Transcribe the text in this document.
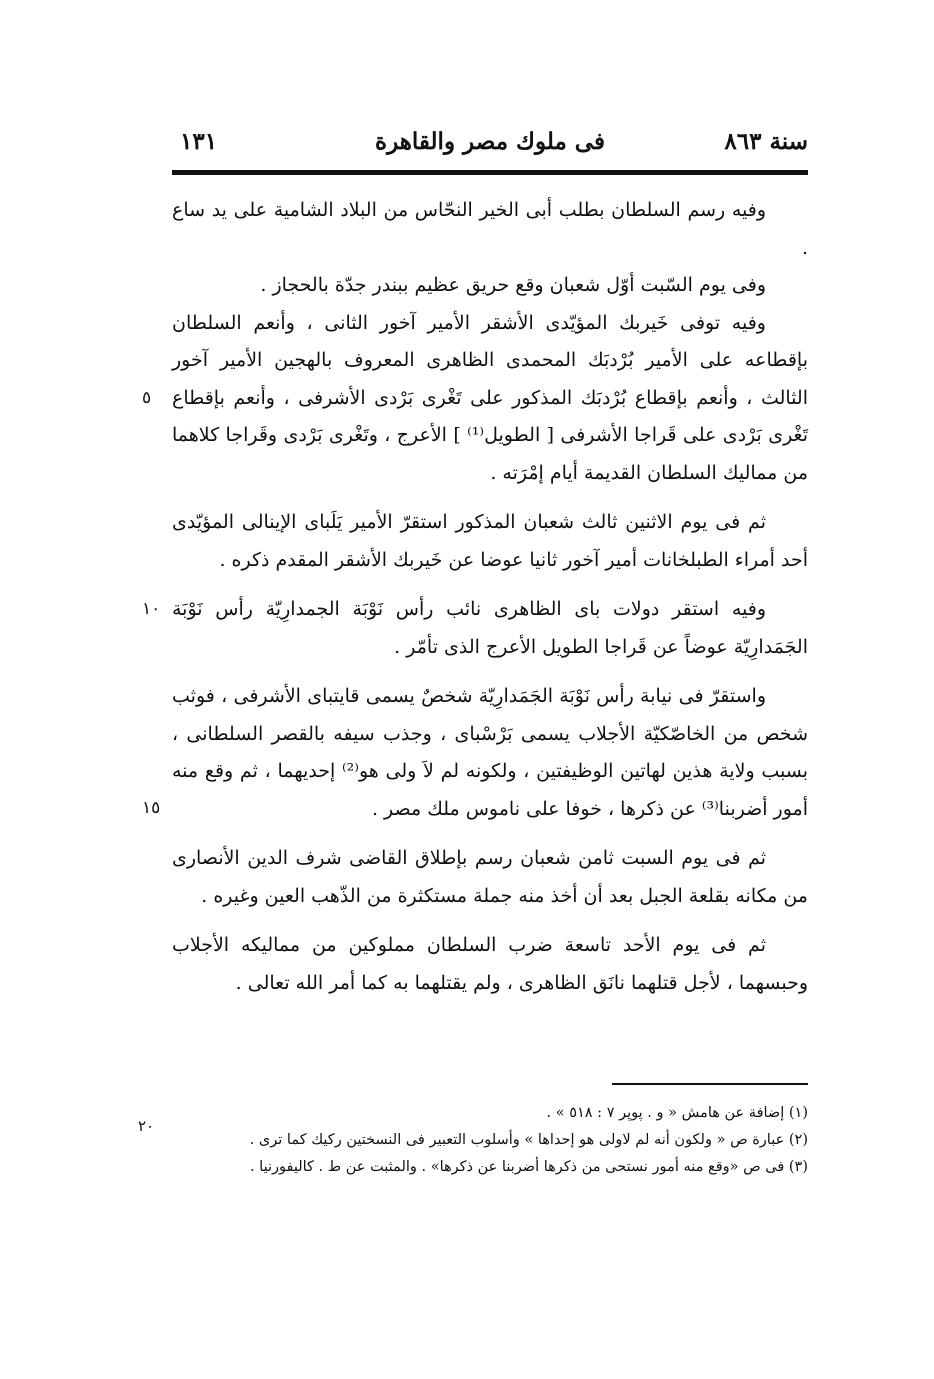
سنة ٨٦٣
فى ملوك مصر والقاهرة
١٣١

وفيه رسم السلطان بطلب أبى الخير النحّاس من البلاد الشامية على يد ساع .

وفى يوم السّبت أوّل شعبان وقع حريق عظيم ببندر جدّة بالحجاز .

٥
وفيه توفى خَيربك المؤيّدى الأشقر الأمير آخور الثانى ، وأنعم السلطان بإقطاعه على الأمير بُرْدبَك المحمدى الظاهرى المعروف بالهجين الأمير آخور الثالث ، وأنعم بإقطاع بُرْدبَك المذكور على تَغْرى بَرْدى الأشرفى ، وأنعم بإقطاع تَغْرى بَرْدى على قَراجا الأشرفى [ الطويل⁽¹⁾ ] الأعرج ، وتَغْرى بَرْدى وقَراجا كلاهما من مماليك السلطان القديمة أيام إمْرَته .

ثم فى يوم الاثنين ثالث شعبان المذكور استقرّ الأمير يَلَباى الإينالى المؤيّدى أحد أمراء الطبلخانات أمير آخور ثانيا عوضا عن خَيربك الأشقر المقدم ذكره .

١٠ وفيه استقر دولات باى الظاهرى نائب رأس نَوْبَة الجمدارِيّة رأس نَوْبَة الجَمَدارِيّة عوضاً عن قَراجا الطويل الأعرج الذى تأمّر .

١٥
واستقرّ فى نيابة رأس نَوْبَة الجَمَدارِيّة شخصٌ يسمى قايتباى الأشرفى ، فوثب شخص من الخاصّكيّة الأجلاب يسمى بَرْسْباى ، وجذب سيفه بالقصر السلطانى ، بسبب ولاية هذين لهاتين الوظيفتين ، ولكونه لم لاَ ولى هو⁽²⁾ إحديهما ، ثم وقع منه أمور أضربنا⁽³⁾ عن ذكرها ، خوفا على ناموس ملك مصر .

ثم فى يوم السبت ثامن شعبان رسم بإطلاق القاضى شرف الدين الأنصارى من مكانه بقلعة الجبل بعد أن أخذ منه جملة مستكثرة من الذّهب العين وغيره .

ثم فى يوم الأحد تاسعة ضرب السلطان مملوكين من مماليكه الأجلاب وحبسهما ، لأجل قتلهما نانَق الظاهرى ، ولم يقتلهما به كما أمر الله تعالى .

٢٠

(١) إضافة عن هامش « و . پوپر ٧ : ٥١٨ » .

(٢) عبارة ص « ولكون أنه لم لاولى هو إحداها » وأسلوب التعبير فى النسختين ركيك كما ترى .

(٣) فى ص «وقع منه أمور نستحى من ذكرها أضربنا عن ذكرها» . والمثبت عن ط . كاليفورنيا .
